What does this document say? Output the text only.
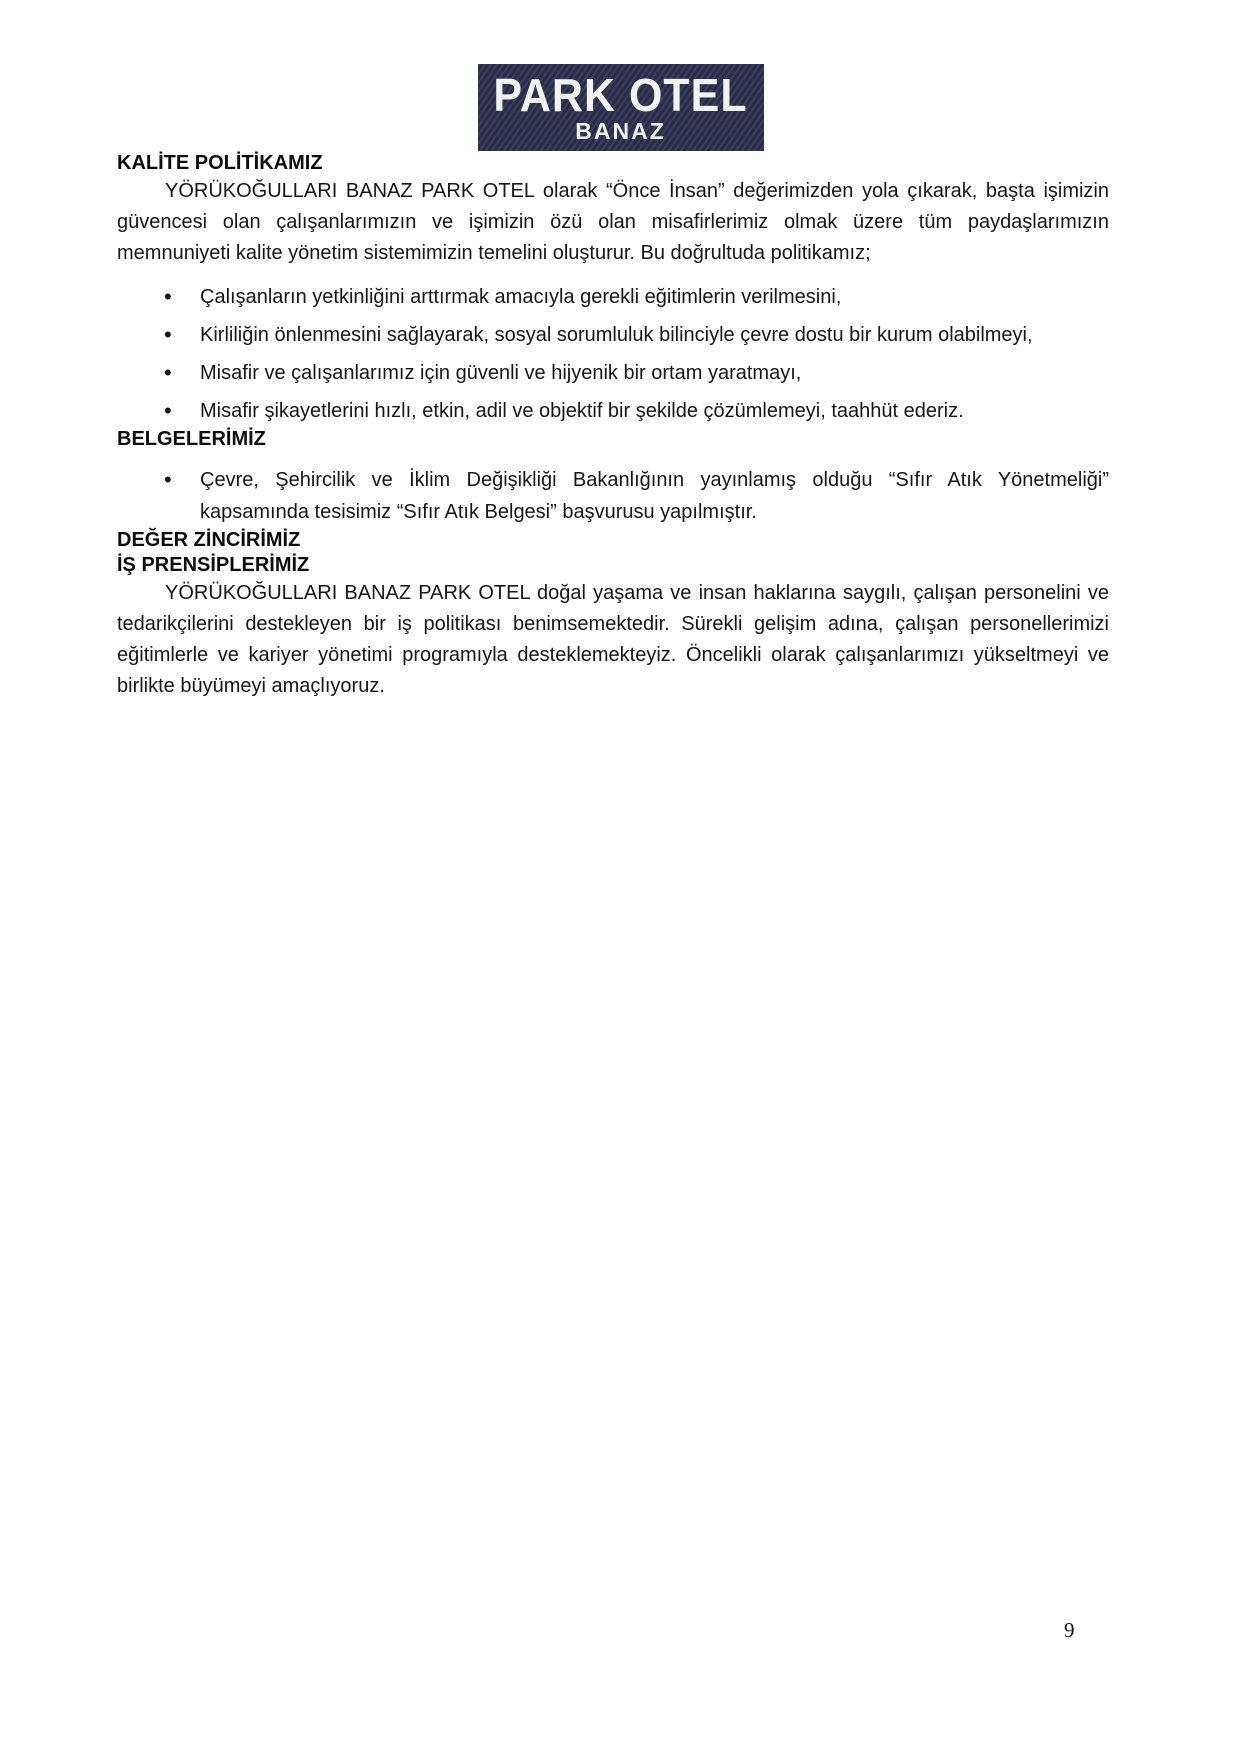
PARK OTEL
BANAZ
KALİTE POLİTİKAMIZ

YÖRÜKOĞULLARI BANAZ PARK OTEL olarak “Önce İnsan” değerimizden yola çıkarak, başta işimizin güvencesi olan çalışanlarımızın ve işimizin özü olan misafirlerimiz olmak üzere tüm paydaşlarımızın memnuniyeti kalite yönetim sistemimizin temelini oluşturur. Bu doğrultuda politikamız;

• Çalışanların yetkinliğini arttırmak amacıyla gerekli eğitimlerin verilmesini,
• Kirliliğin önlenmesini sağlayarak, sosyal sorumluluk bilinciyle çevre dostu bir kurum olabilmeyi,
• Misafir ve çalışanlarımız için güvenli ve hijyenik bir ortam yaratmayı,
• Misafir şikayetlerini hızlı, etkin, adil ve objektif bir şekilde çözümlemeyi, taahhüt ederiz.
BELGELERİMİZ
• Çevre, Şehircilik ve İklim Değişikliği Bakanlığının yayınlamış olduğu “Sıfır Atık Yönetmeliği” kapsamında tesisimiz “Sıfır Atık Belgesi” başvurusu yapılmıştır.
DEĞER ZİNCİRİMİZ
İŞ PRENSİPLERİMİZ

YÖRÜKOĞULLARI BANAZ PARK OTEL doğal yaşama ve insan haklarına saygılı, çalışan personelini ve tedarikçilerini destekleyen bir iş politikası benimsemektedir. Sürekli gelişim adına, çalışan personellerimizi eğitimlerle ve kariyer yönetimi programıyla desteklemekteyiz. Öncelikli olarak çalışanlarımızı yükseltmeyi ve birlikte büyümeyi amaçlıyoruz.

9
